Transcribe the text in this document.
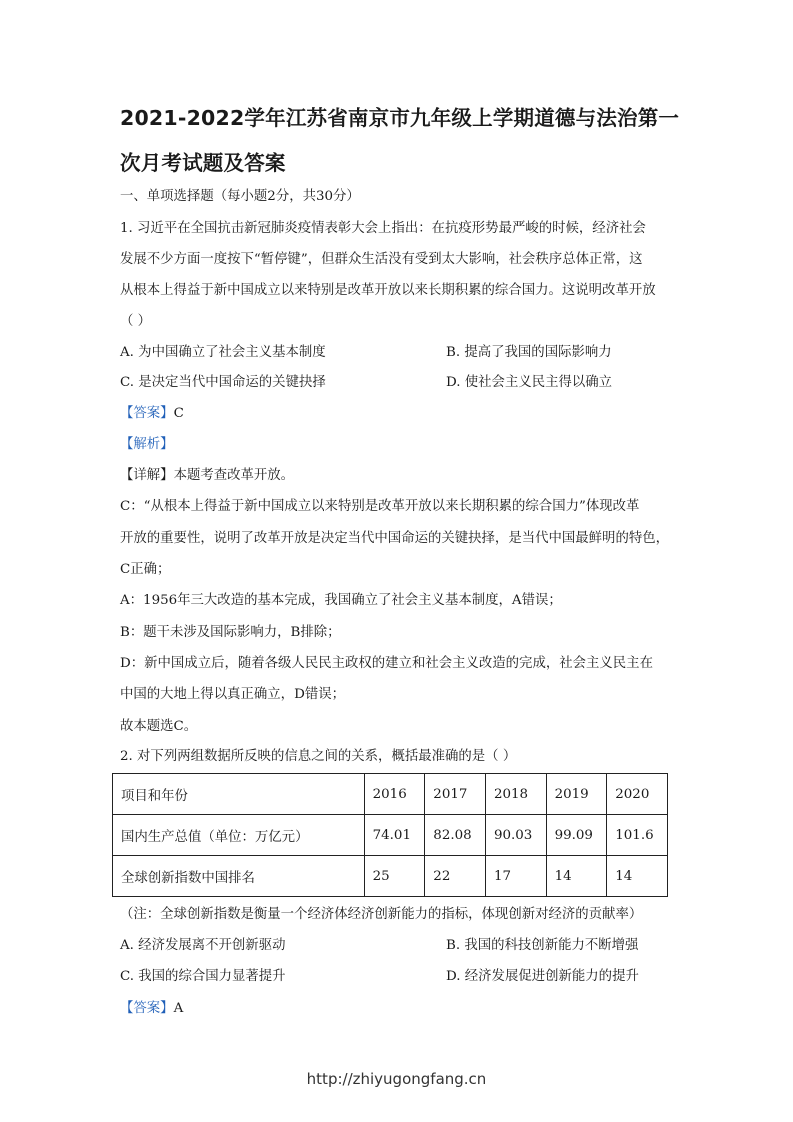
2021-2022学年江苏省南京市九年级上学期道德与法治第一
次月考试题及答案
一、单项选择题（每小题2分，共30分）
1. 习近平在全国抗击新冠肺炎疫情表彰大会上指出：在抗疫形势最严峻的时候，经济社会
发展不少方面一度按下“暂停键”，但群众生活没有受到太大影响，社会秩序总体正常，这
从根本上得益于新中国成立以来特别是改革开放以来长期积累的综合国力。这说明改革开放
（ ）
A. 为中国确立了社会主义基本制度	B. 提高了我国的国际影响力
C. 是决定当代中国命运的关键抉择	D. 使社会主义民主得以确立
【答案】C
【解析】
【详解】本题考查改革开放。
C：“从根本上得益于新中国成立以来特别是改革开放以来长期积累的综合国力”体现改革
开放的重要性，说明了改革开放是决定当代中国命运的关键抉择，是当代中国最鲜明的特色，
C正确；
A：1956年三大改造的基本完成，我国确立了社会主义基本制度，A错误；
B：题干未涉及国际影响力，B排除；
D：新中国成立后，随着各级人民民主政权的建立和社会主义改造的完成，社会主义民主在
中国的大地上得以真正确立，D错误；
故本题选C。
2. 对下列两组数据所反映的信息之间的关系，概括最准确的是（ ）
项目和年份	2016	2017	2018	2019	2020
国内生产总值（单位：万亿元）	74.01	82.08	90.03	99.09	101.6
全球创新指数中国排名	25	22	17	14	14
（注：全球创新指数是衡量一个经济体经济创新能力的指标，体现创新对经济的贡献率）
A. 经济发展离不开创新驱动	B. 我国的科技创新能力不断增强
C. 我国的综合国力显著提升	D. 经济发展促进创新能力的提升
【答案】A
http://zhiyugongfang.cn
